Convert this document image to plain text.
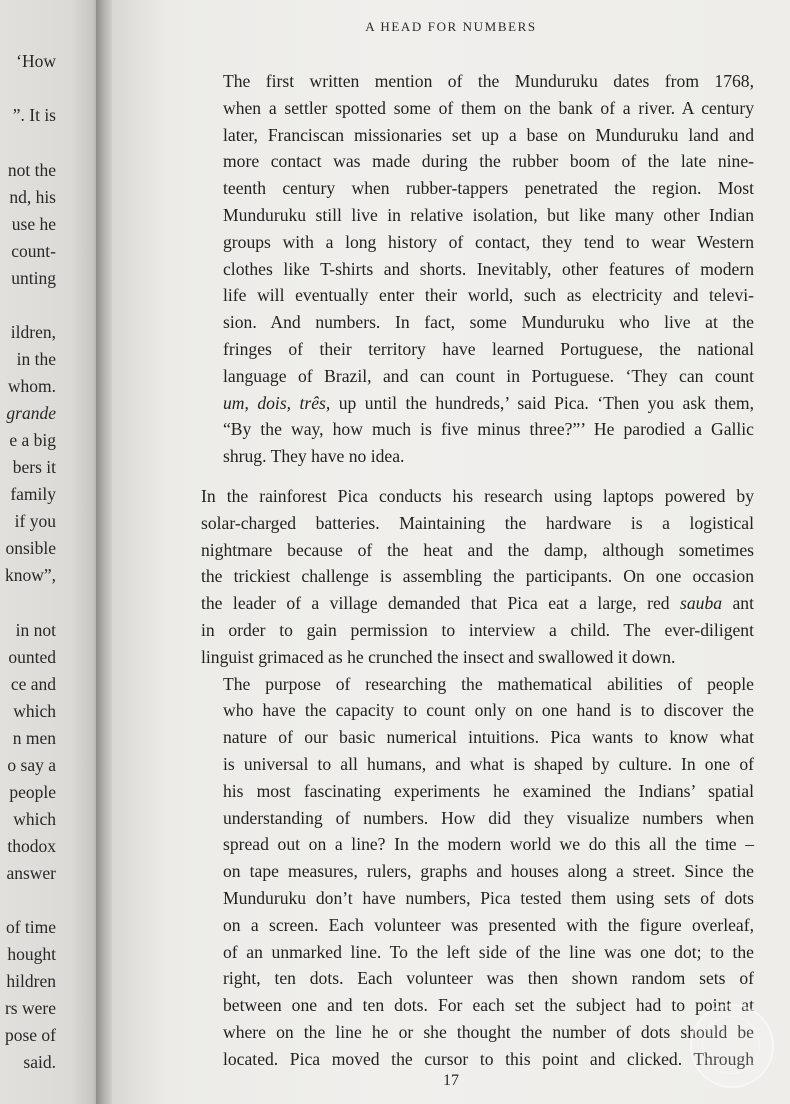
‘How
”. It is
not the
nd, his
use he
count-
unting
ildren,
in the
whom.
grande
e a big
bers it
family
if you
onsible
know”,
in not
ounted
ce and
which
n men
o say a
people
which
thodox
answer
of time
hought
hildren
rs were
pose of
said.
A HEAD FOR NUMBERS

The first written mention of the Munduruku dates from 1768,
when a settler spotted some of them on the bank of a river. A century
later, Franciscan missionaries set up a base on Munduruku land and
more contact was made during the rubber boom of the late nine-
teenth century when rubber-tappers penetrated the region. Most
Munduruku still live in relative isolation, but like many other Indian
groups with a long history of contact, they tend to wear Western
clothes like T-shirts and shorts. Inevitably, other features of modern
life will eventually enter their world, such as electricity and televi-
sion. And numbers. In fact, some Munduruku who live at the
fringes of their territory have learned Portuguese, the national
language of Brazil, and can count in Portuguese. ‘They can count
um, dois, três, up until the hundreds,’ said Pica. ‘Then you ask them,
“By the way, how much is five minus three?”’ He parodied a Gallic
shrug. They have no idea.

In the rainforest Pica conducts his research using laptops powered by
solar-charged batteries. Maintaining the hardware is a logistical
nightmare because of the heat and the damp, although sometimes
the trickiest challenge is assembling the participants. On one occasion
the leader of a village demanded that Pica eat a large, red sauba ant
in order to gain permission to interview a child. The ever-diligent
linguist grimaced as he crunched the insect and swallowed it down.

The purpose of researching the mathematical abilities of people
who have the capacity to count only on one hand is to discover the
nature of our basic numerical intuitions. Pica wants to know what
is universal to all humans, and what is shaped by culture. In one of
his most fascinating experiments he examined the Indians’ spatial
understanding of numbers. How did they visualize numbers when
spread out on a line? In the modern world we do this all the time –
on tape measures, rulers, graphs and houses along a street. Since the
Munduruku don’t have numbers, Pica tested them using sets of dots
on a screen. Each volunteer was presented with the figure overleaf,
of an unmarked line. To the left side of the line was one dot; to the
right, ten dots. Each volunteer was then shown random sets of
between one and ten dots. For each set the subject had to point at
where on the line he or she thought the number of dots should be
located. Pica moved the cursor to this point and clicked. Through

17
